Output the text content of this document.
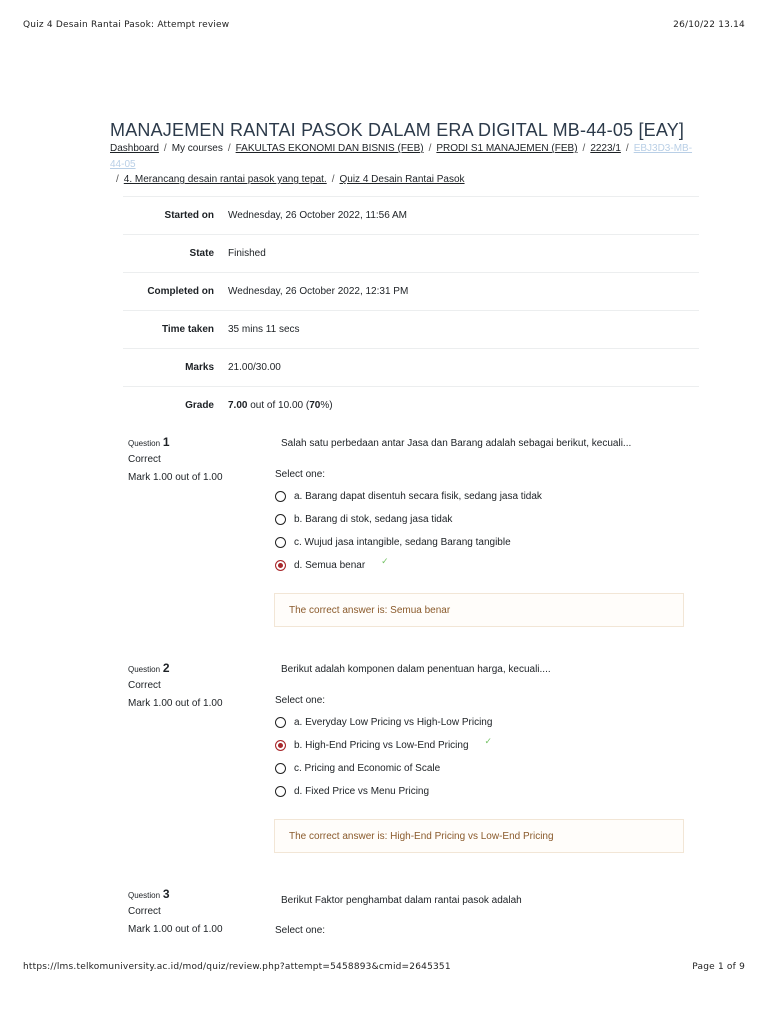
Quiz 4 Desain Rantai Pasok: Attempt review	26/10/22 13.14
MANAJEMEN RANTAI PASOK DALAM ERA DIGITAL MB-44-05 [EAY]
Dashboard / My courses / FAKULTAS EKONOMI DAN BISNIS (FEB) / PRODI S1 MANAJEMEN (FEB) / 2223/1 / EBJ3D3-MB-44-05
/ 4. Merancang desain rantai pasok yang tepat. / Quiz 4 Desain Rantai Pasok
Started on Wednesday, 26 October 2022, 11:56 AM
State Finished
Completed on Wednesday, 26 October 2022, 12:31 PM
Time taken 35 mins 11 secs
Marks 21.00/30.00
Grade 7.00 out of 10.00 (70%)
Question 1
Correct
Mark 1.00 out of 1.00
Salah satu perbedaan antar Jasa dan Barang adalah sebagai berikut, kecuali...
Select one:
a. Barang dapat disentuh secara fisik, sedang jasa tidak
b. Barang di stok, sedang jasa tidak
c. Wujud jasa intangible, sedang Barang tangible
d. Semua benar ✓
The correct answer is: Semua benar
Question 2
Correct
Mark 1.00 out of 1.00
Berikut adalah komponen dalam penentuan harga, kecuali....
Select one:
a. Everyday Low Pricing vs High-Low Pricing
b. High-End Pricing vs Low-End Pricing ✓
c. Pricing and Economic of Scale
d. Fixed Price vs Menu Pricing
The correct answer is: High-End Pricing vs Low-End Pricing
Question 3
Correct
Mark 1.00 out of 1.00
Berikut Faktor penghambat dalam rantai pasok adalah
Select one:
https://lms.telkomuniversity.ac.id/mod/quiz/review.php?attempt=5458893&cmid=2645351	Page 1 of 9
